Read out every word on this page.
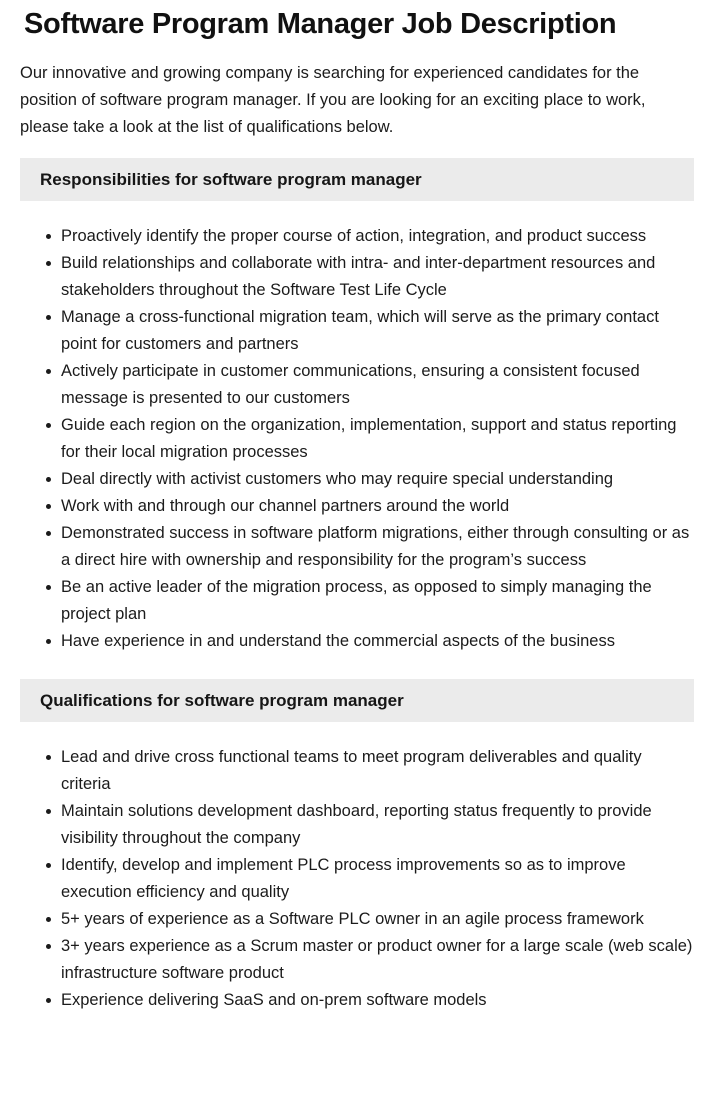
Software Program Manager Job Description

Our innovative and growing company is searching for experienced candidates for the position of software program manager. If you are looking for an exciting place to work, please take a look at the list of qualifications below.

Responsibilities for software program manager
Proactively identify the proper course of action, integration, and product success
Build relationships and collaborate with intra- and inter-department resources and stakeholders throughout the Software Test Life Cycle
Manage a cross-functional migration team, which will serve as the primary contact point for customers and partners
Actively participate in customer communications, ensuring a consistent focused message is presented to our customers
Guide each region on the organization, implementation, support and status reporting for their local migration processes
Deal directly with activist customers who may require special understanding
Work with and through our channel partners around the world
Demonstrated success in software platform migrations, either through consulting or as a direct hire with ownership and responsibility for the program’s success
Be an active leader of the migration process, as opposed to simply managing the project plan
Have experience in and understand the commercial aspects of the business
Qualifications for software program manager
Lead and drive cross functional teams to meet program deliverables and quality criteria
Maintain solutions development dashboard, reporting status frequently to provide visibility throughout the company
Identify, develop and implement PLC process improvements so as to improve execution efficiency and quality
5+ years of experience as a Software PLC owner in an agile process framework
3+ years experience as a Scrum master or product owner for a large scale (web scale) infrastructure software product
Experience delivering SaaS and on-prem software models
